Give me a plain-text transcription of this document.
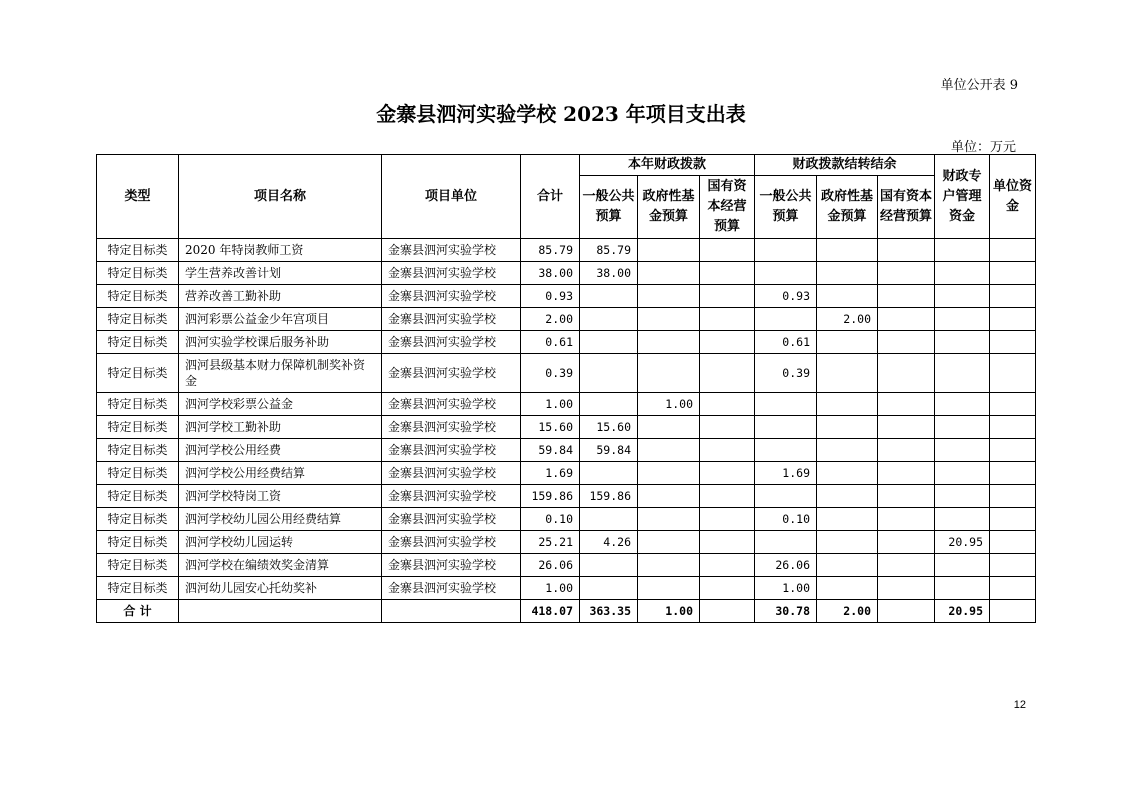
单位公开表 9
金寨县泗河实验学校 2023 年项目支出表
单位：万元
类型	项目名称	项目单位	合计	本年财政拨款			财政拨款结转结余			财政专户管理资金	单位资金
				一般公共预算	政府性基金预算	国有资本经营预算	一般公共预算	政府性基金预算	国有资本经营预算		
特定目标类	2020 年特岗教师工资	金寨县泗河实验学校	85.79	85.79							
特定目标类	学生营养改善计划	金寨县泗河实验学校	38.00	38.00							
特定目标类	营养改善工勤补助	金寨县泗河实验学校	0.93				0.93				
特定目标类	泗河彩票公益金少年宫项目	金寨县泗河实验学校	2.00					2.00			
特定目标类	泗河实验学校课后服务补助	金寨县泗河实验学校	0.61				0.61				
特定目标类	泗河县级基本财力保障机制奖补资金	金寨县泗河实验学校	0.39				0.39				
特定目标类	泗河学校彩票公益金	金寨县泗河实验学校	1.00		1.00						
特定目标类	泗河学校工勤补助	金寨县泗河实验学校	15.60	15.60							
特定目标类	泗河学校公用经费	金寨县泗河实验学校	59.84	59.84							
特定目标类	泗河学校公用经费结算	金寨县泗河实验学校	1.69				1.69				
特定目标类	泗河学校特岗工资	金寨县泗河实验学校	159.86	159.86							
特定目标类	泗河学校幼儿园公用经费结算	金寨县泗河实验学校	0.10				0.10				
特定目标类	泗河学校幼儿园运转	金寨县泗河实验学校	25.21	4.26						20.95	
特定目标类	泗河学校在编绩效奖金清算	金寨县泗河实验学校	26.06				26.06				
特定目标类	泗河幼儿园安心托幼奖补	金寨县泗河实验学校	1.00				1.00				
合 计			418.07	363.35	1.00		30.78	2.00		20.95	
12
